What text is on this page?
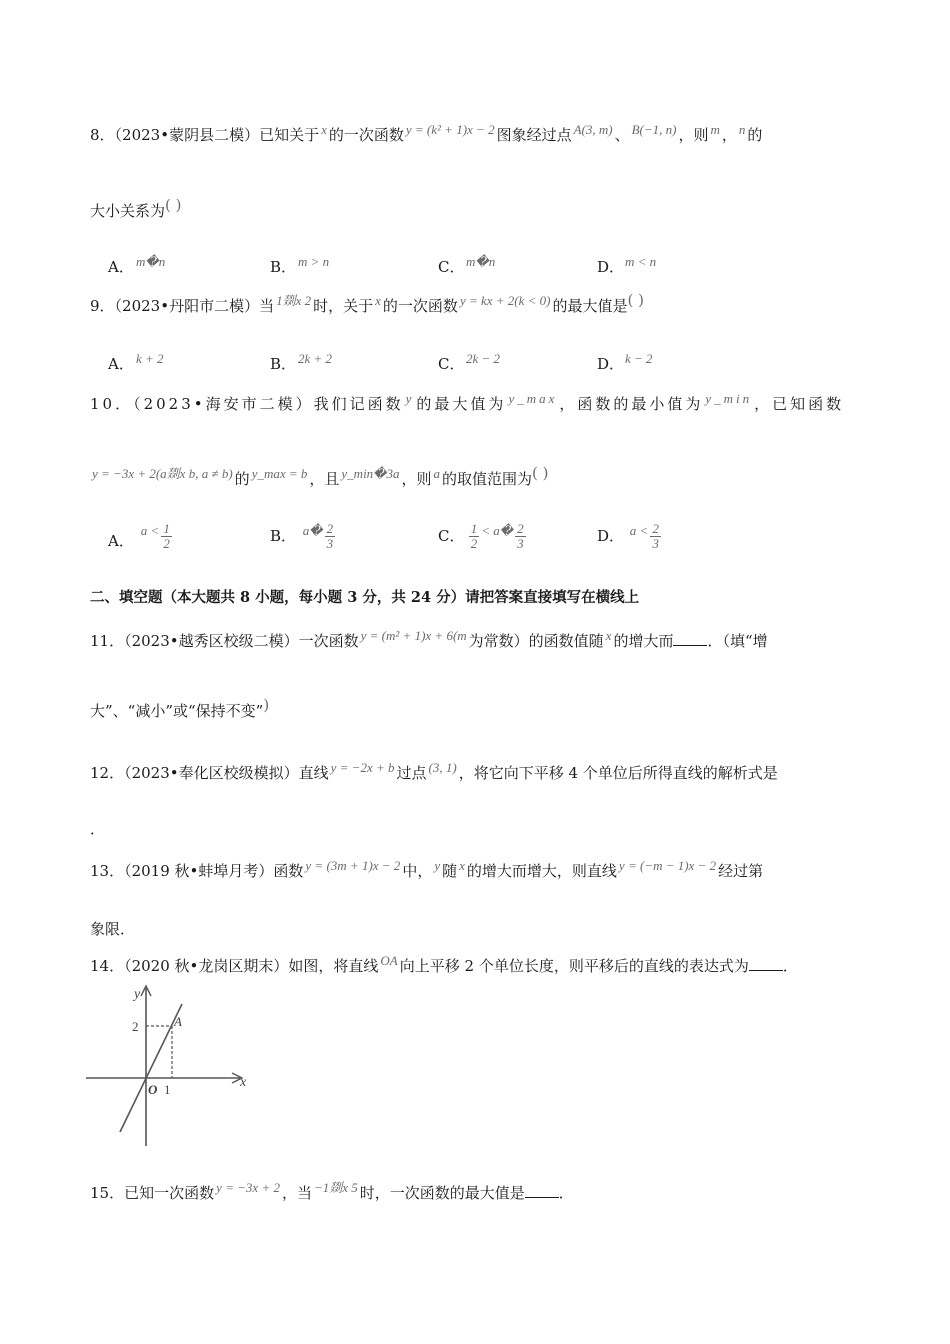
8．（2023•蒙阴县二模）已知关于 x 的一次函数 y = (k² + 1)x − 2 图象经过点 A(3, m) 、 B(−1, n) ，则 m ， n 的
大小关系为( )
A． m�n	B． m > n	C． m�n	D．m < n
9．（2023•丹阳市二模）当 1剟x 2 时，关于 x 的一次函数 y = kx + 2(k < 0) 的最大值是( )
A． k + 2	B． 2k + 2	C． 2k − 2	D．k − 2
10．（2023•海安市二模）我们记函数 y 的最大值为 y_max ，函数的最小值为 y_min ，已知函数
y = −3x + 2(a剟x b, a ≠ b) 的 y_max = b ，且 y_min�3a ，则 a 的取值范围为( )
A． $a < \frac{1}{2}$	B． a� $\frac{2}{3}$	C． $\frac{1}{2}$ < a� $\frac{2}{3}$	D． $a < \frac{2}{3}$
二、填空题（本大题共 8 小题，每小题 3 分，共 24 分）请把答案直接填写在横线上
11．（2023•越秀区校级二模）一次函数 y = (m² + 1)x + 6(m 为常数）的函数值随 x 的增大而 ．（填“增
大”、“减小”或“保持不变”)
12．（2023•奉化区校级模拟）直线 y = −2x + b 过点 (3, 1) ，将它向下平移 4 个单位后所得直线的解析式是
．
13．（2019 秋•蚌埠月考）函数 y = (3m + 1)x − 2 中， y 随 x 的增大而增大，则直线 y = (−m − 1)x − 2 经过第
象限．
14．（2020 秋•龙岗区期末）如图，将直线 OA 向上平移 2 个单位长度，则平移后的直线的表达式为 ．
y
x
2
1
O
A
15．已知一次函数 y = −3x + 2 ，当 −1剟x 5 时，一次函数的最大值是 ．
